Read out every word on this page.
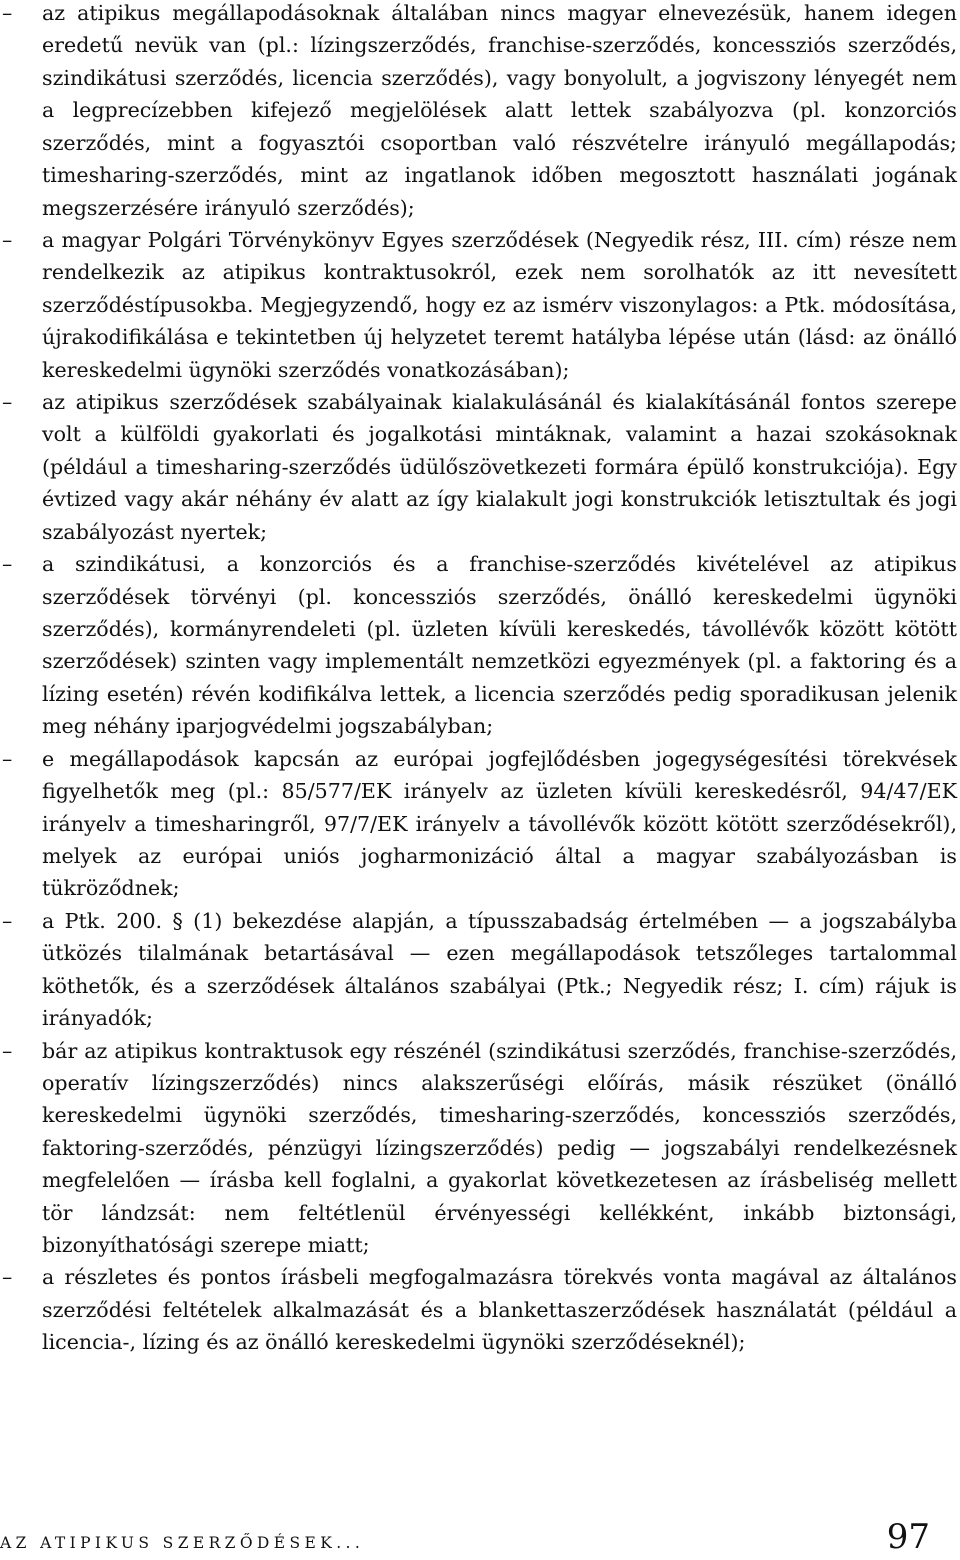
– az atipikus megállapodásoknak általában nincs magyar elnevezésük, hanem idegen eredetű nevük van (pl.: lízingszerződés, franchise-szerződés, koncessziós szerződés, szindikátusi szerződés, licencia szerződés), vagy bonyolult, a jogviszony lényegét nem a legprecízebben kifejező megjelölések alatt lettek szabályozva (pl. konzorciós szerződés, mint a fogyasztói csoportban való részvételre irányuló megállapodás; timesharing-szerződés, mint az ingatlanok időben megosztott használati jogának megszerzésére irányuló szerződés);
– a magyar Polgári Törvénykönyv Egyes szerződések (Negyedik rész, III. cím) része nem rendelkezik az atipikus kontraktusokról, ezek nem sorolhatók az itt nevesített szerződéstípusokba. Megjegyzendő, hogy ez az ismérv viszonylagos: a Ptk. módosítása, újrakodifikálása e tekintetben új helyzetet teremt hatályba lépése után (lásd: az önálló kereskedelmi ügynöki szerződés vonatkozásában);
– az atipikus szerződések szabályainak kialakulásánál és kialakításánál fontos szerepe volt a külföldi gyakorlati és jogalkotási mintáknak, valamint a hazai szokásoknak (például a timesharing-szerződés üdülőszövetkezeti formára épülő konstrukciója). Egy évtized vagy akár néhány év alatt az így kialakult jogi konstrukciók letisztultak és jogi szabályozást nyertek;
– a szindikátusi, a konzorciós és a franchise-szerződés kivételével az atipikus szerződések törvényi (pl. koncessziós szerződés, önálló kereskedelmi ügynöki szerződés), kormányrendeleti (pl. üzleten kívüli kereskedés, távollévők között kötött szerződések) szinten vagy implementált nemzetközi egyezmények (pl. a faktoring és a lízing esetén) révén kodifikálva lettek, a licencia szerződés pedig sporadikusan jelenik meg néhány iparjogvédelmi jogszabályban;
– e megállapodások kapcsán az európai jogfejlődésben jogegységesítési törekvések figyelhetők meg (pl.: 85/577/EK irányelv az üzleten kívüli kereskedésről, 94/47/EK irányelv a timesharingről, 97/7/EK irányelv a távollévők között kötött szerződésekről), melyek az európai uniós jogharmonizáció által a magyar szabályozásban is tükröződnek;
– a Ptk. 200. § (1) bekezdése alapján, a típusszabadság értelmében — a jogszabályba ütközés tilalmának betartásával — ezen megállapodások tetszőleges tartalommal köthetők, és a szerződések általános szabályai (Ptk.; Negyedik rész; I. cím) rájuk is irányadók;
– bár az atipikus kontraktusok egy részénél (szindikátusi szerződés, franchise-szerződés, operatív lízingszerződés) nincs alakszerűségi előírás, másik részüket (önálló kereskedelmi ügynöki szerződés, timesharing-szerződés, koncessziós szerződés, faktoring-szerződés, pénzügyi lízingszerződés) pedig — jogszabályi rendelkezésnek megfelelően — írásba kell foglalni, a gyakorlat következetesen az írásbeliség mellett tör lándzsát: nem feltétlenül érvényességi kellékként, inkább biztonsági, bizonyíthatósági szerepe miatt;
– a részletes és pontos írásbeli megfogalmazásra törekvés vonta magával az általános szerződési feltételek alkalmazását és a blankettaszerződések használatát (például a licencia-, lízing és az önálló kereskedelmi ügynöki szerződéseknél);
AZ ATIPIKUS SZERZŐDÉSEK...	97
